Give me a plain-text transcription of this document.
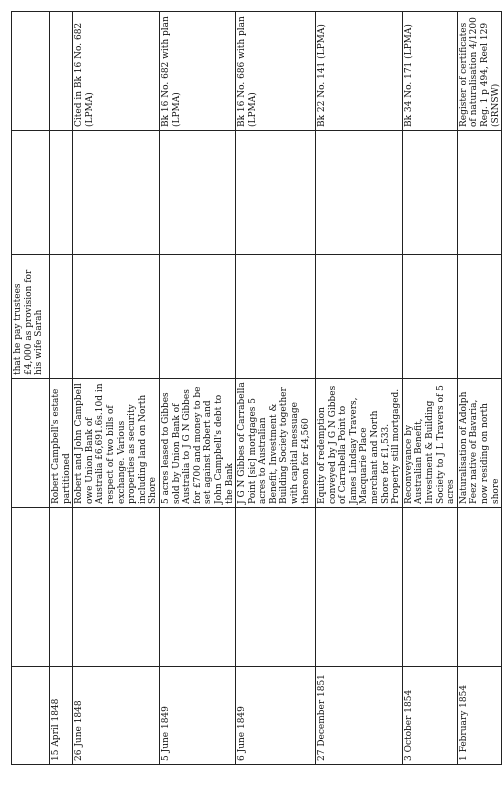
			that he pay trustees £4,000 as provision for his wife Sarah		
15 April 1848		Robert Campbell's estate partitioned			
26 June 1848		Robert and John Campbell owe Union Bank of Australia £6,691.6s.10d in respect of two bills of exchange. Various properties as security including land on North Shore			Cited in Bk 16 No. 682 (LPMA)
5 June 1849		5 acres leased to Gibbes sold by Union Bank of Australia to J G N Gibbes for £700 and money to be set against Robert and John Campbell's debt to the Bank			Bk 16 No. 682 with plan (LPMA)
6 June 1849		J G N Gibbes of Carrabella Point [sic] mortgages 5 acres to Australian Benefit, Investment & Building Society together with capital messuage thereon for £4,560			Bk 16 No. 686 with plan (LPMA)
27 December 1851		Equity of redemption conveyed by J G N Gibbes of Carrabella Point to James Lindsay Travers, Macquarie Place merchant and North Shore for £1,533. Property still mortgaged.			Bk 22 No. 141 (LPMA)
3 October 1854		Reconveyance by Australian Benefit, Investment & Building Society to J L Travers of 5 acres			Bk 34 No. 171 (LPMA)
1 February 1854		Naturalisation of Adolph Feez native of Bavaria, now residing on north shore			Register of certificates of naturalisation 4/1200 Reg. 1 p 494, Reel 129 (SRNSW)
